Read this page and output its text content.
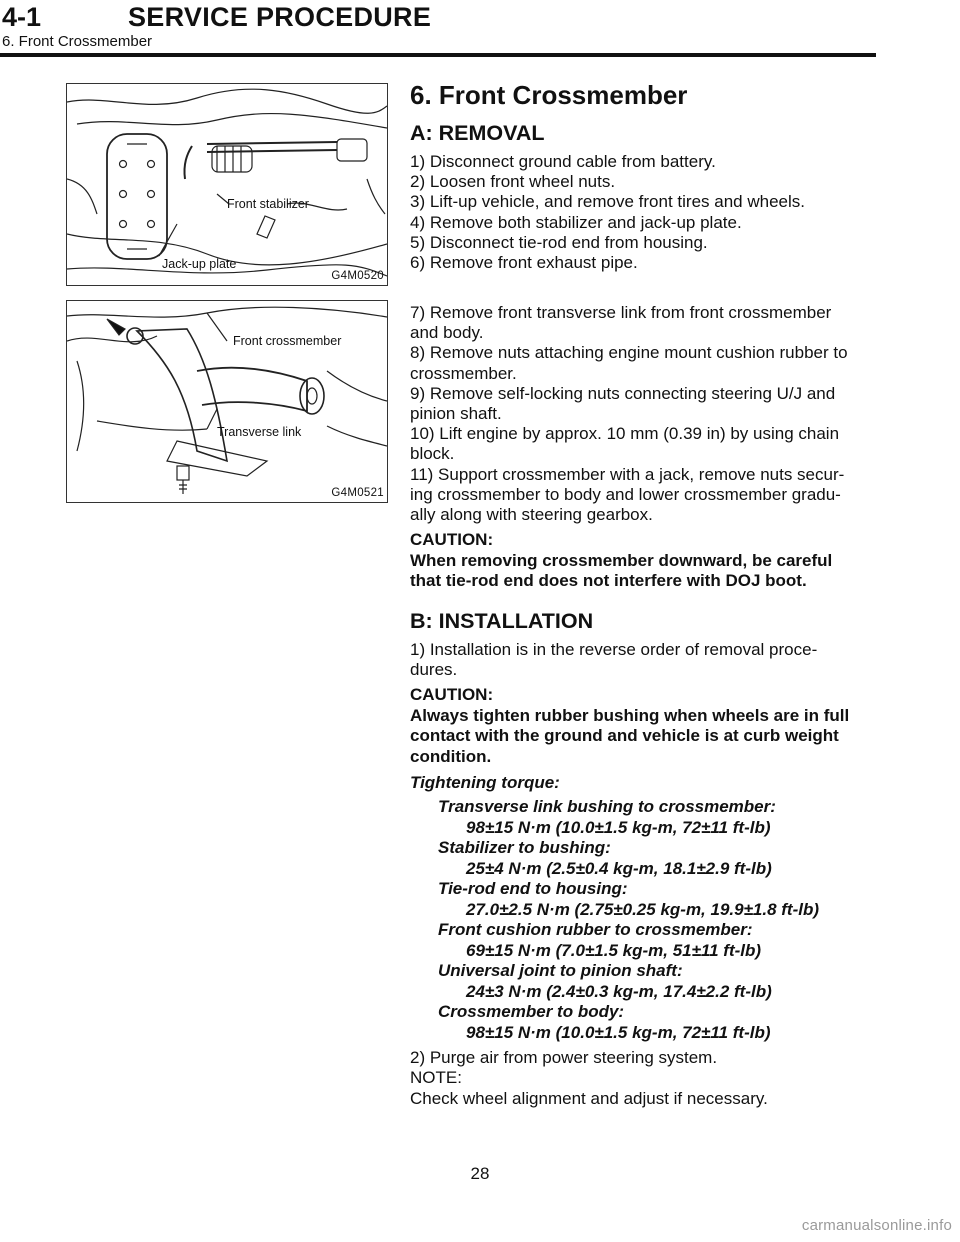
4-1	SERVICE PROCEDURE
6. Front Crossmember
Front stabilizer
Jack-up plate
G4M0520
Front crossmember
Transverse link
G4M0521
6. Front Crossmember
A: REMOVAL

1) Disconnect ground cable from battery.

2) Loosen front wheel nuts.

3) Lift-up vehicle, and remove front tires and wheels.

4) Remove both stabilizer and jack-up plate.

5) Disconnect tie-rod end from housing.

6) Remove front exhaust pipe.

7) Remove front transverse link from front crossmember

and body.

8) Remove nuts attaching engine mount cushion rubber to

crossmember.

9) Remove self-locking nuts connecting steering U/J and

pinion shaft.

10) Lift engine by approx. 10 mm (0.39 in) by using chain

block.

11) Support crossmember with a jack, remove nuts secur-

ing crossmember to body and lower crossmember gradu-

ally along with steering gearbox.

CAUTION:

When removing crossmember downward, be careful

that tie-rod end does not interfere with DOJ boot.

B: INSTALLATION

1) Installation is in the reverse order of removal proce-

dures.

CAUTION:

Always tighten rubber bushing when wheels are in full

contact with the ground and vehicle is at curb weight

condition.

Tightening torque:

Transverse link bushing to crossmember:

98±15 N·m (10.0±1.5 kg-m, 72±11 ft-lb)

Stabilizer to bushing:

25±4 N·m (2.5±0.4 kg-m, 18.1±2.9 ft-lb)

Tie-rod end to housing:

27.0±2.5 N·m (2.75±0.25 kg-m, 19.9±1.8 ft-lb)

Front cushion rubber to crossmember:

69±15 N·m (7.0±1.5 kg-m, 51±11 ft-lb)

Universal joint to pinion shaft:

24±3 N·m (2.4±0.3 kg-m, 17.4±2.2 ft-lb)

Crossmember to body:

98±15 N·m (10.0±1.5 kg-m, 72±11 ft-lb)

2) Purge air from power steering system.

NOTE:

Check wheel alignment and adjust if necessary.

28
carmanualsonline.info
